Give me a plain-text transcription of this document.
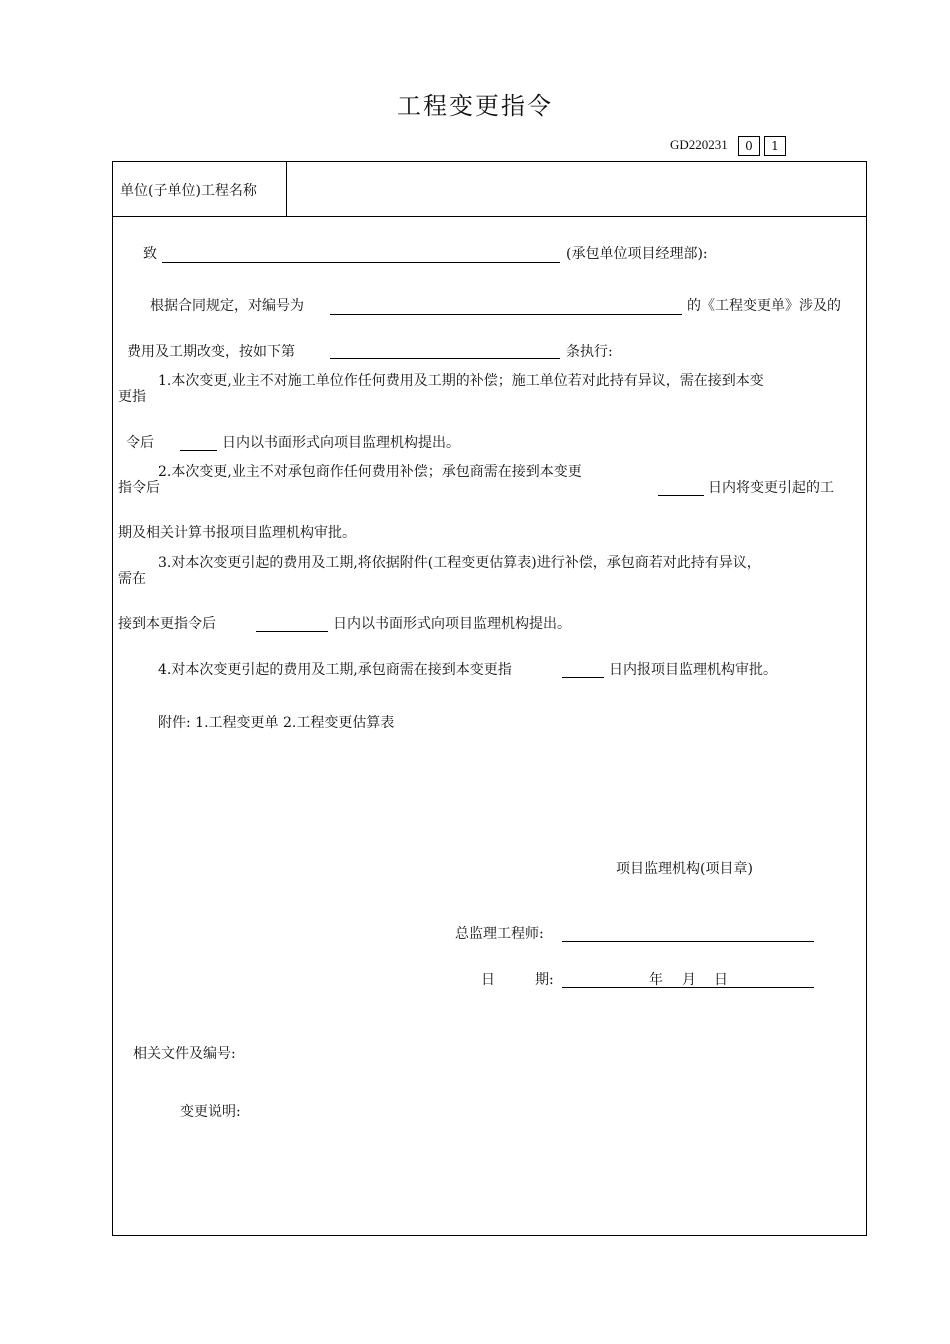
工程变更指令
GD220231	0	1
单位(子单位)工程名称
致	(承包单位项目经理部):
根据合同规定，对编号为	的《工程变更单》涉及的
费用及工期改变，按如下第	条执行:
1.本次变更,业主不对施工单位作任何费用及工期的补偿；施工单位若对此持有异议，需在接到本变
更指
令后	日内以书面形式向项目监理机构提出。
2.本次变更,业主不对承包商作任何费用补偿；承包商需在接到本变更
指令后	日内将变更引起的工
期及相关计算书报项目监理机构审批。
3.对本次变更引起的费用及工期,将依据附件(工程变更估算表)进行补偿，承包商若对此持有异议，
需在
接到本更指令后	日内以书面形式向项目监理机构提出。
4.对本次变更引起的费用及工期,承包商需在接到本变更指	日内报项目监理机构审批。
附件: 1.工程变更单 2.工程变更估算表
项目监理机构(项目章)
总监理工程师:
日	期:	年 月 日
相关文件及编号:
变更说明:
